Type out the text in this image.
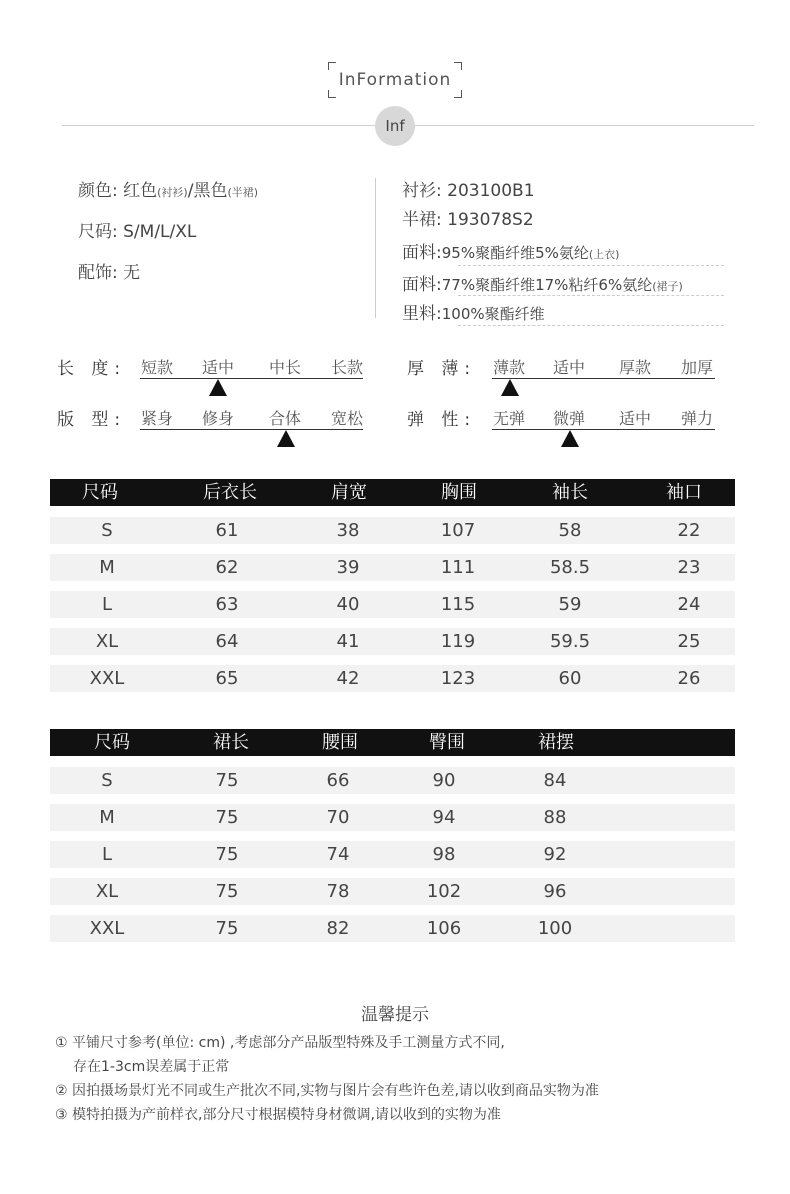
InFormation
Inf
颜色: 红色(衬衫)/黑色(半裙)
尺码: S/M/L/XL
配饰: 无
衬衫: 203100B1
半裙: 193078S2
面料:95%聚酯纤维5%氨纶(上衣)
面料:77%聚酯纤维17%粘纤6%氨纶(裙子)
里料:100%聚酯纤维
长 度: 短款 适中 中长 长款	厚 薄: 薄款 适中 厚款 加厚
版 型: 紧身 修身 合体 宽松	弹 性: 无弹 微弹 适中 弹力
尺码	后衣长	肩宽	胸围	袖长	袖口
S	61	38	107	58	22
M	62	39	111	58.5	23
L	63	40	115	59	24
XL	64	41	119	59.5	25
XXL	65	42	123	60	26
尺码	裙长	腰围	臀围	裙摆
S	75	66	90	84
M	75	70	94	88
L	75	74	98	92
XL	75	78	102	96
XXL	75	82	106	100
温馨提示
① 平铺尺寸参考(单位: cm) ,考虑部分产品版型特殊及手工测量方式不同,
存在1-3cm误差属于正常
② 因拍摄场景灯光不同或生产批次不同,实物与图片会有些许色差,请以收到商品实物为准
③ 模特拍摄为产前样衣,部分尺寸根据模特身材微调,请以收到的实物为准
